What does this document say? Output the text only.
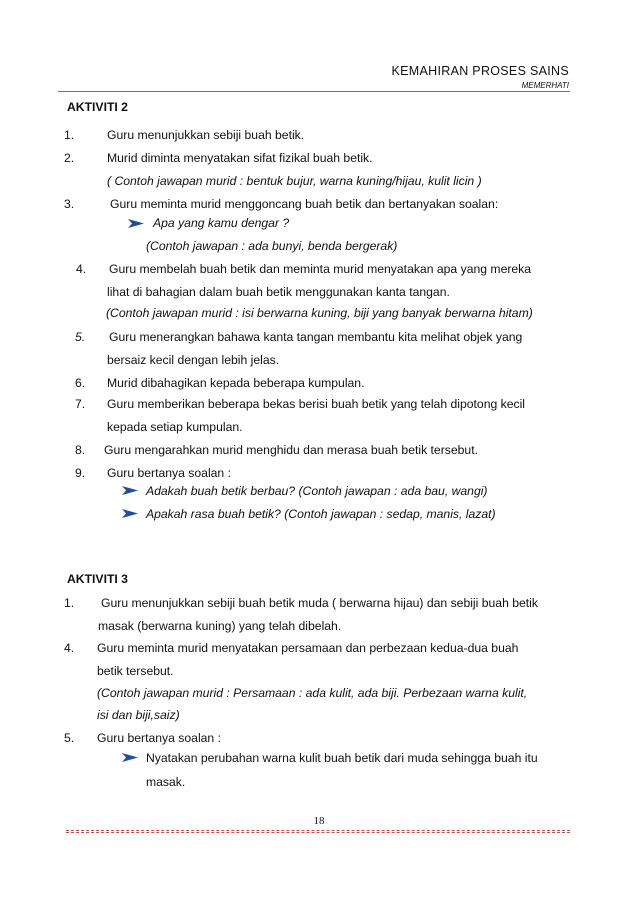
KEMAHIRAN PROSES SAINS
MEMERHATI
AKTIVITI 2
1.	Guru menunjukkan sebiji buah betik.
2.	Murid diminta menyatakan sifat fizikal buah betik.
( Contoh jawapan murid : bentuk bujur, warna kuning/hijau, kulit licin )
3.	Guru meminta murid menggoncang buah betik dan bertanyakan soalan:
Apa yang kamu dengar ?
(Contoh jawapan : ada bunyi, benda bergerak)
4. Guru membelah buah betik dan meminta murid menyatakan apa yang mereka
lihat di bahagian dalam buah betik menggunakan kanta tangan.
(Contoh jawapan murid : isi berwarna kuning, biji yang banyak berwarna hitam)
5. Guru menerangkan bahawa kanta tangan membantu kita melihat objek yang
bersaiz kecil dengan lebih jelas.
6. Murid dibahagikan kepada beberapa kumpulan.
7. Guru memberikan beberapa bekas berisi buah betik yang telah dipotong kecil
kepada setiap kumpulan.
8. Guru mengarahkan murid menghidu dan merasa buah betik tersebut.
9. Guru bertanya soalan :
Adakah buah betik berbau? (Contoh jawapan : ada bau, wangi)
Apakah rasa buah betik? (Contoh jawapan : sedap, manis, lazat)
AKTIVITI 3
1. Guru menunjukkan sebiji buah betik muda ( berwarna hijau) dan sebiji buah betik
masak (berwarna kuning) yang telah dibelah.
4. Guru meminta murid menyatakan persamaan dan perbezaan kedua-dua buah
betik tersebut.
(Contoh jawapan murid : Persamaan : ada kulit, ada biji. Perbezaan warna kulit,
isi dan biji,saiz)
5. Guru bertanya soalan :
Nyatakan perubahan warna kulit buah betik dari muda sehingga buah itu
masak.
18
